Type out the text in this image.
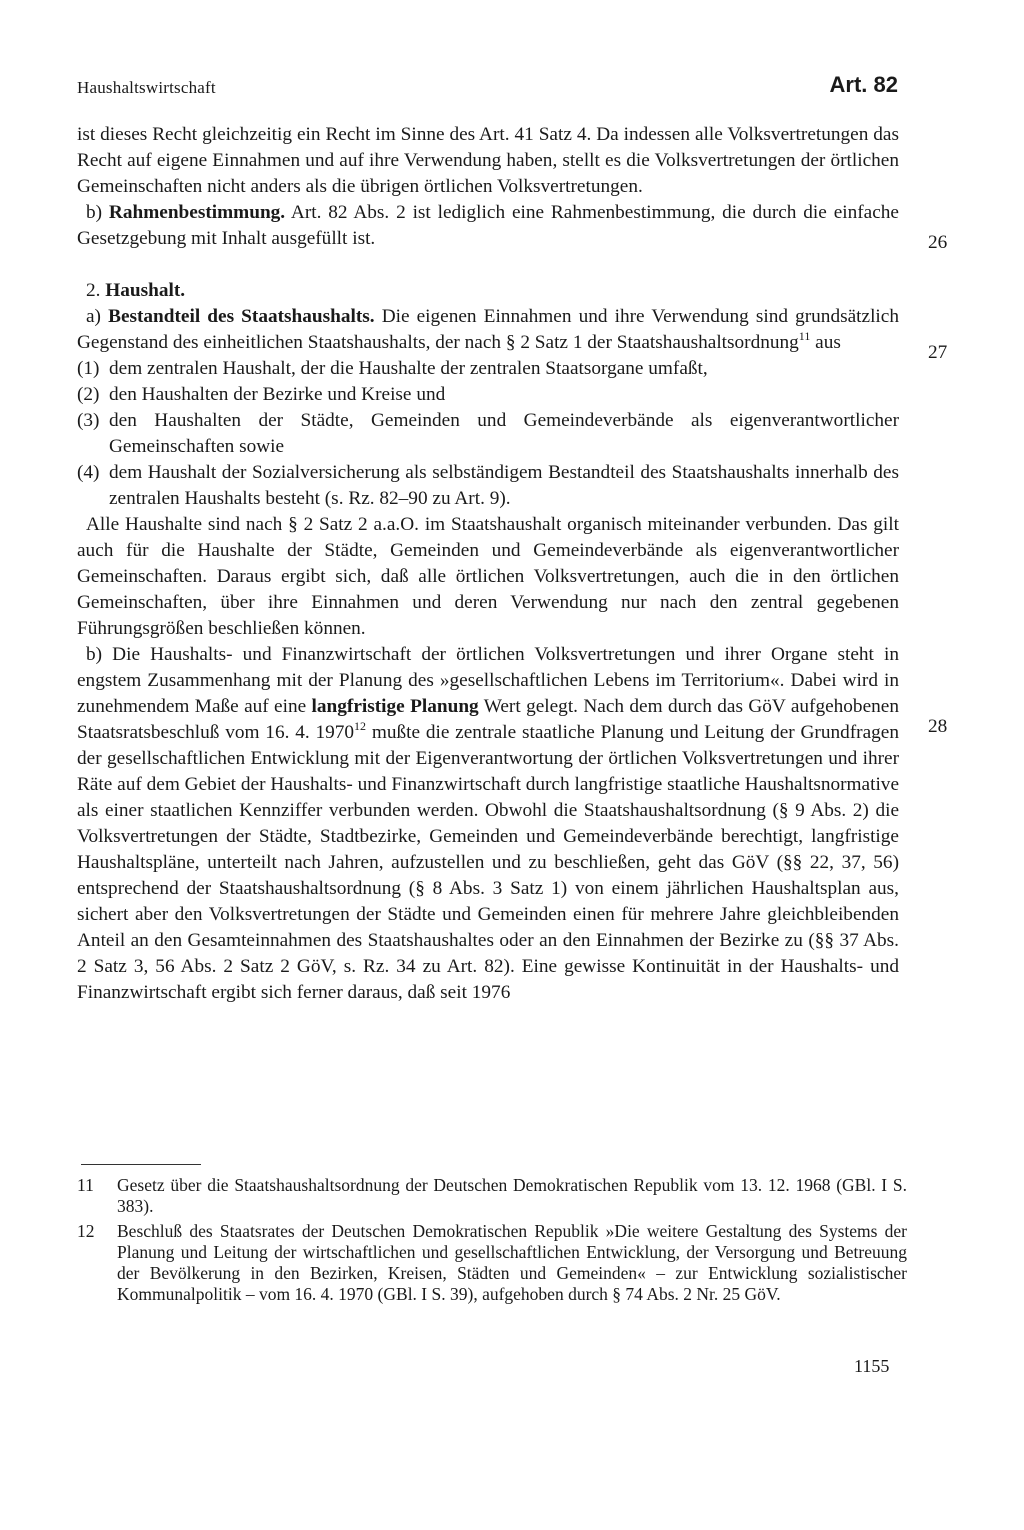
Haushaltswirtschaft	Art. 82

ist dieses Recht gleichzeitig ein Recht im Sinne des Art. 41 Satz 4. Da indessen alle Volksvertretungen das Recht auf eigene Einnahmen und auf ihre Verwendung haben, stellt es die Volksvertretungen der örtlichen Gemeinschaften nicht anders als die übrigen örtlichen Volksvertretungen.

b) Rahmenbestimmung. Art. 82 Abs. 2 ist lediglich eine Rahmenbestimmung, die durch die einfache Gesetzgebung mit Inhalt ausgefüllt ist.

2. Haushalt.

a) Bestandteil des Staatshaushalts. Die eigenen Einnahmen und ihre Verwendung sind grundsätzlich Gegenstand des einheitlichen Staatshaushalts, der nach § 2 Satz 1 der Staatshaushaltsordnung$^{11}$ aus

(1) dem zentralen Haushalt, der die Haushalte der zentralen Staatsorgane umfaßt,
(2) den Haushalten der Bezirke und Kreise und
(3) den Haushalten der Städte, Gemeinden und Gemeindeverbände als eigenverantwortlicher Gemeinschaften sowie
(4) dem Haushalt der Sozialversicherung als selbständigem Bestandteil des Staatshaushalts innerhalb des zentralen Haushalts besteht (s. Rz. 82–90 zu Art. 9).

Alle Haushalte sind nach § 2 Satz 2 a.a.O. im Staatshaushalt organisch miteinander verbunden. Das gilt auch für die Haushalte der Städte, Gemeinden und Gemeindeverbände als eigenverantwortlicher Gemeinschaften. Daraus ergibt sich, daß alle örtlichen Volksvertretungen, auch die in den örtlichen Gemeinschaften, über ihre Einnahmen und deren Verwendung nur nach den zentral gegebenen Führungsgrößen beschließen können.

b) Die Haushalts- und Finanzwirtschaft der örtlichen Volksvertretungen und ihrer Organe steht in engstem Zusammenhang mit der Planung des »gesellschaftlichen Lebens im Territorium«. Dabei wird in zunehmendem Maße auf eine langfristige Planung Wert gelegt. Nach dem durch das GöV aufgehobenen Staatsratsbeschluß vom 16. 4. 1970$^{12}$ mußte die zentrale staatliche Planung und Leitung der Grundfragen der gesellschaftlichen Entwicklung mit der Eigenverantwortung der örtlichen Volksvertretungen und ihrer Räte auf dem Gebiet der Haushalts- und Finanzwirtschaft durch langfristige staatliche Haushaltsnormative als einer staatlichen Kennziffer verbunden werden. Obwohl die Staatshaushaltsordnung (§ 9 Abs. 2) die Volksvertretungen der Städte, Stadtbezirke, Gemeinden und Gemeindeverbände berechtigt, langfristige Haushaltspläne, unterteilt nach Jahren, aufzustellen und zu beschließen, geht das GöV (§§ 22, 37, 56) entsprechend der Staatshaushaltsordnung (§ 8 Abs. 3 Satz 1) von einem jährlichen Haushaltsplan aus, sichert aber den Volksvertretungen der Städte und Gemeinden einen für mehrere Jahre gleichbleibenden Anteil an den Gesamteinnahmen des Staatshaushaltes oder an den Einnahmen der Bezirke zu (§§ 37 Abs. 2 Satz 3, 56 Abs. 2 Satz 2 GöV, s. Rz. 34 zu Art. 82). Eine gewisse Kontinuität in der Haushalts- und Finanzwirtschaft ergibt sich ferner daraus, daß seit 1976

26
27
28
11	Gesetz über die Staatshaushaltsordnung der Deutschen Demokratischen Republik vom 13. 12. 1968 (GBl. I S. 383).
12	Beschluß des Staatsrates der Deutschen Demokratischen Republik »Die weitere Gestaltung des Systems der Planung und Leitung der wirtschaftlichen und gesellschaftlichen Entwicklung, der Versorgung und Betreuung der Bevölkerung in den Bezirken, Kreisen, Städten und Gemeinden« – zur Entwicklung sozialistischer Kommunalpolitik – vom 16. 4. 1970 (GBl. I S. 39), aufgehoben durch § 74 Abs. 2 Nr. 25 GöV.
1155
